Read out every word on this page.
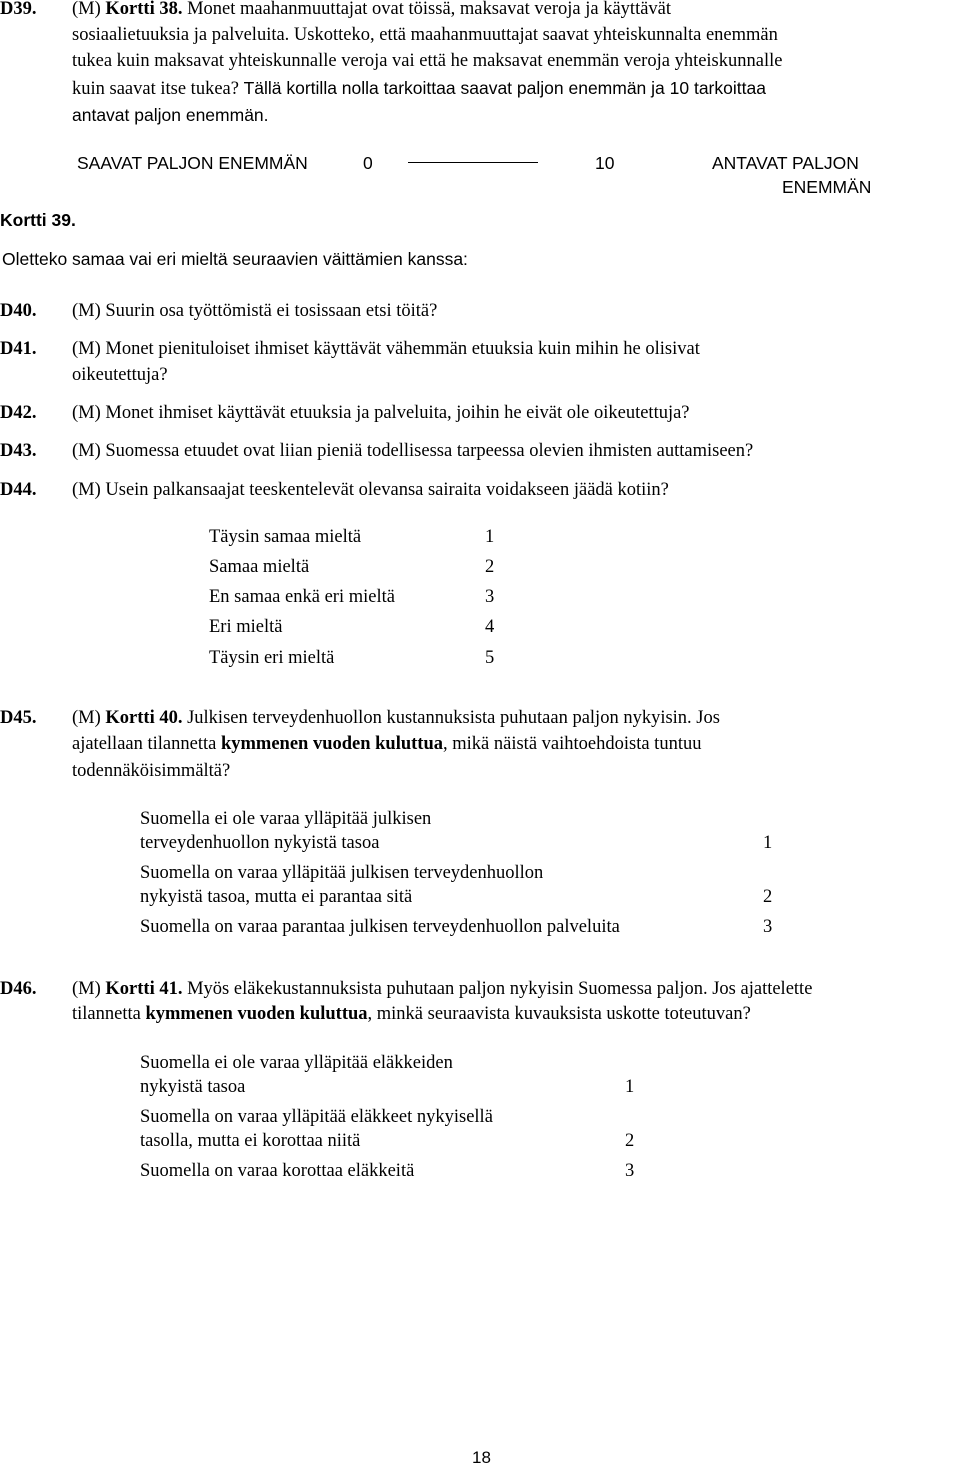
D39. (M) Kortti 38. Monet maahanmuuttajat ovat töissä, maksavat veroja ja käyttävät
sosiaalietuuksia ja palveluita. Uskotteko, että maahanmuuttajat saavat yhteiskunnalta enemmän
tukea kuin maksavat yhteiskunnalle veroja vai että he maksavat enemmän veroja yhteiskunnalle
kuin saavat itse tukea? Tällä kortilla nolla tarkoittaa saavat paljon enemmän ja 10 tarkoittaa
antavat paljon enemmän.
SAAVAT PALJON ENEMMÄN	0	10	ANTAVAT PALJON
ENEMMÄN
Kortti 39.
Oletteko samaa vai eri mieltä seuraavien väittämien kanssa:
D40. (M) Suurin osa työttömistä ei tosissaan etsi töitä?
D41. (M) Monet pienituloiset ihmiset käyttävät vähemmän etuuksia kuin mihin he olisivat
oikeutettuja?
D42. (M) Monet ihmiset käyttävät etuuksia ja palveluita, joihin he eivät ole oikeutettuja?
D43. (M) Suomessa etuudet ovat liian pieniä todellisessa tarpeessa olevien ihmisten auttamiseen?
D44. (M) Usein palkansaajat teeskentelevät olevansa sairaita voidakseen jäädä kotiin?
Täysin samaa mieltä	1
Samaa mieltä	2
En samaa enkä eri mieltä	3
Eri mieltä	4
Täysin eri mieltä	5
D45. (M) Kortti 40. Julkisen terveydenhuollon kustannuksista puhutaan paljon nykyisin. Jos
ajatellaan tilannetta kymmenen vuoden kuluttua, mikä näistä vaihtoehdoista tuntuu
todennäköisimmältä?
Suomella ei ole varaa ylläpitää julkisen
terveydenhuollon nykyistä tasoa	1
Suomella on varaa ylläpitää julkisen terveydenhuollon
nykyistä tasoa, mutta ei parantaa sitä	2
Suomella on varaa parantaa julkisen terveydenhuollon palveluita	3
D46. (M) Kortti 41. Myös eläkekustannuksista puhutaan paljon nykyisin Suomessa paljon. Jos ajattelette
tilannetta kymmenen vuoden kuluttua, minkä seuraavista kuvauksista uskotte toteutuvan?
Suomella ei ole varaa ylläpitää eläkkeiden
nykyistä tasoa	1
Suomella on varaa ylläpitää eläkkeet nykyisellä
tasolla, mutta ei korottaa niitä	2
Suomella on varaa korottaa eläkkeitä	3
18
